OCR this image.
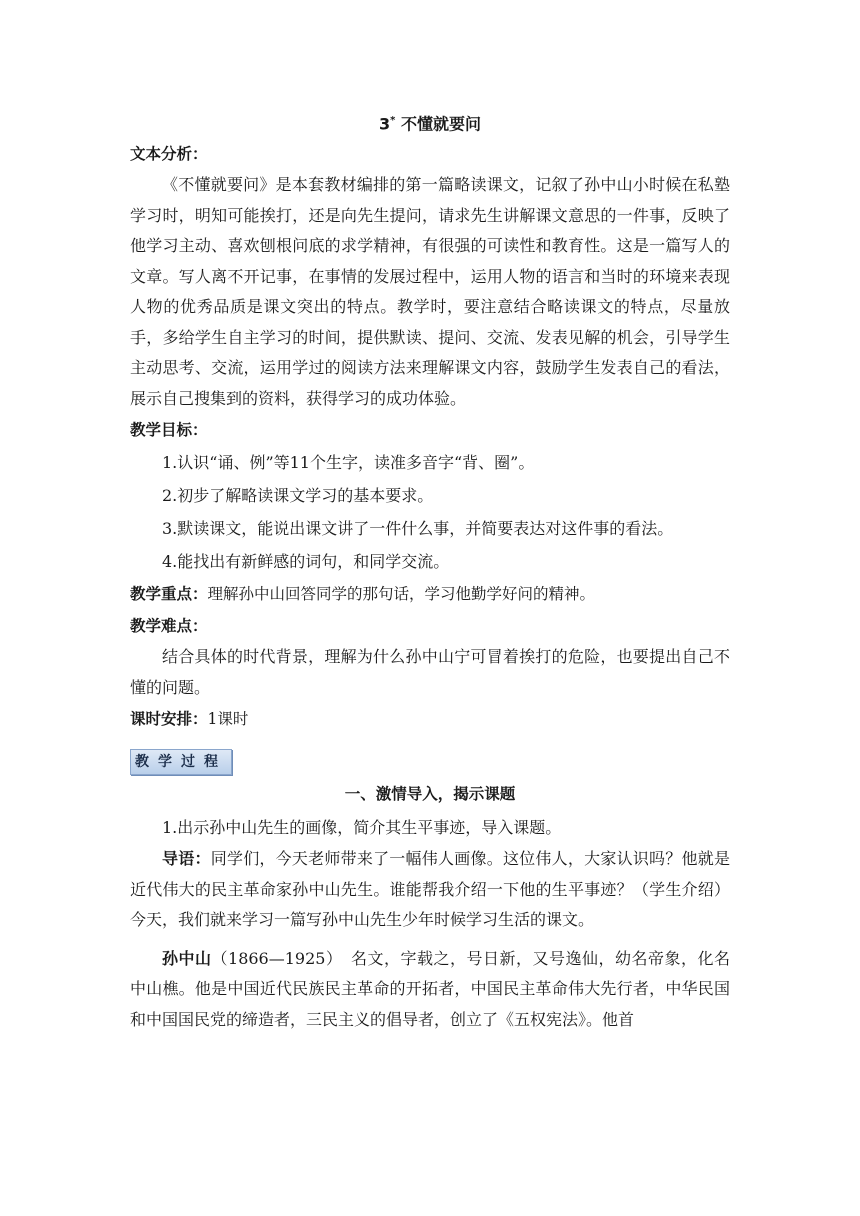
3* 不懂就要问
文本分析：

《不懂就要问》是本套教材编排的第一篇略读课文，记叙了孙中山小时候在私塾学习时，明知可能挨打，还是向先生提问，请求先生讲解课文意思的一件事，反映了他学习主动、喜欢刨根问底的求学精神，有很强的可读性和教育性。这是一篇写人的文章。写人离不开记事，在事情的发展过程中，运用人物的语言和当时的环境来表现人物的优秀品质是课文突出的特点。教学时，要注意结合略读课文的特点，尽量放手，多给学生自主学习的时间，提供默读、提问、交流、发表见解的机会，引导学生主动思考、交流，运用学过的阅读方法来理解课文内容，鼓励学生发表自己的看法，展示自己搜集到的资料，获得学习的成功体验。

教学目标：

1.认识“诵、例”等11个生字，读准多音字“背、圈”。

2.初步了解略读课文学习的基本要求。

3.默读课文，能说出课文讲了一件什么事，并简要表达对这件事的看法。

4.能找出有新鲜感的词句，和同学交流。

教学重点：理解孙中山回答同学的那句话，学习他勤学好问的精神。
教学难点：

结合具体的时代背景，理解为什么孙中山宁可冒着挨打的危险，也要提出自己不懂的问题。

课时安排：1课时
教学过程
一、激情导入，揭示课题

1.出示孙中山先生的画像，简介其生平事迹，导入课题。

导语：同学们，今天老师带来了一幅伟人画像。这位伟人，大家认识吗？他就是近代伟大的民主革命家孙中山先生。谁能帮我介绍一下他的生平事迹？（学生介绍）今天，我们就来学习一篇写孙中山先生少年时候学习生活的课文。

孙中山（1866—1925）　名文，字载之，号日新，又号逸仙，幼名帝象，化名中山樵。他是中国近代民族民主革命的开拓者，中国民主革命伟大先行者，中华民国和中国国民党的缔造者，三民主义的倡导者，创立了《五权宪法》。他首
